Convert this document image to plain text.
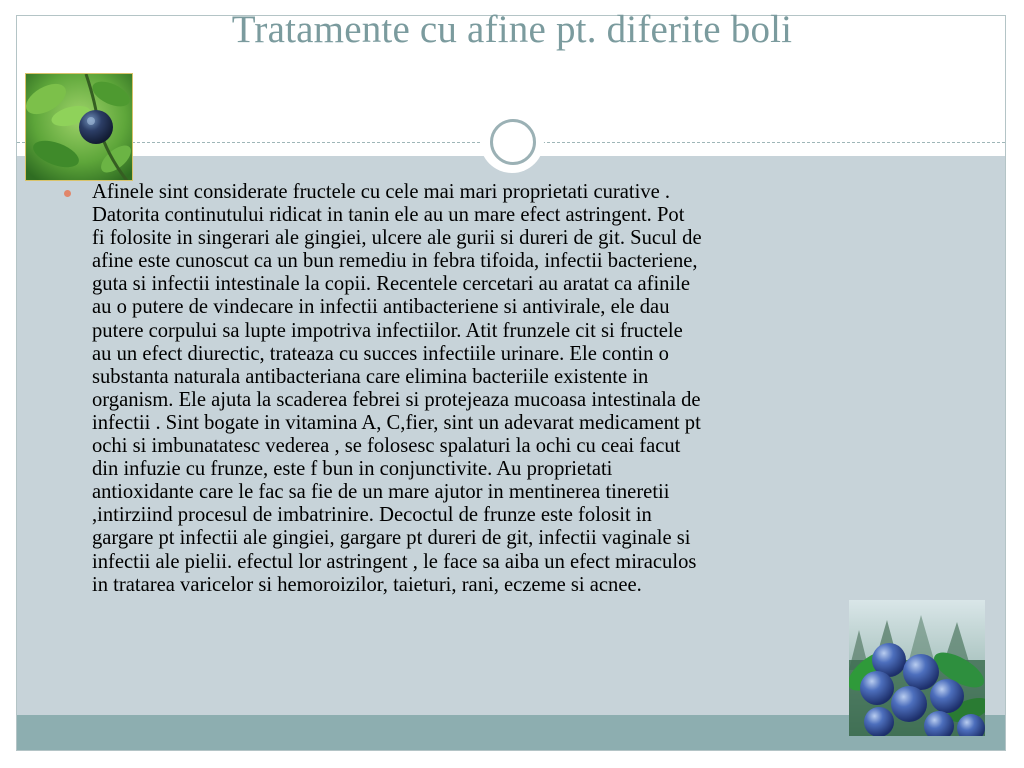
Tratamente cu afine pt. diferite boli
Afinele sint considerate fructele cu cele mai mari proprietati curative .
Datorita continutului ridicat in tanin ele au un mare efect astringent. Pot
fi folosite in singerari ale gingiei, ulcere ale gurii si dureri de git. Sucul de
afine este cunoscut ca un bun remediu in febra tifoida, infectii bacteriene,
guta si infectii intestinale la copii. Recentele cercetari au aratat ca afinile
au o putere de vindecare in infectii antibacteriene si antivirale, ele dau
putere corpului sa lupte impotriva infectiilor. Atit frunzele cit si fructele
au un efect diurectic, trateaza cu succes infectiile urinare. Ele contin o
substanta naturala antibacteriana care elimina bacteriile existente in
organism. Ele ajuta la scaderea febrei si protejeaza mucoasa intestinala de
infectii . Sint bogate in vitamina A, C,fier, sint un adevarat medicament pt
ochi si imbunatatesc vederea , se folosesc spalaturi la ochi cu ceai facut
din infuzie cu frunze, este f bun in conjunctivite. Au proprietati
antioxidante care le fac sa fie de un mare ajutor in mentinerea tineretii
,intirziind procesul de imbatrinire. Decoctul de frunze este folosit in
gargare pt infectii ale gingiei, gargare pt dureri de git, infectii vaginale si
infectii ale pielii. efectul lor astringent , le face sa aiba un efect miraculos
in tratarea varicelor si hemoroizilor, taieturi, rani, eczeme si acnee.
